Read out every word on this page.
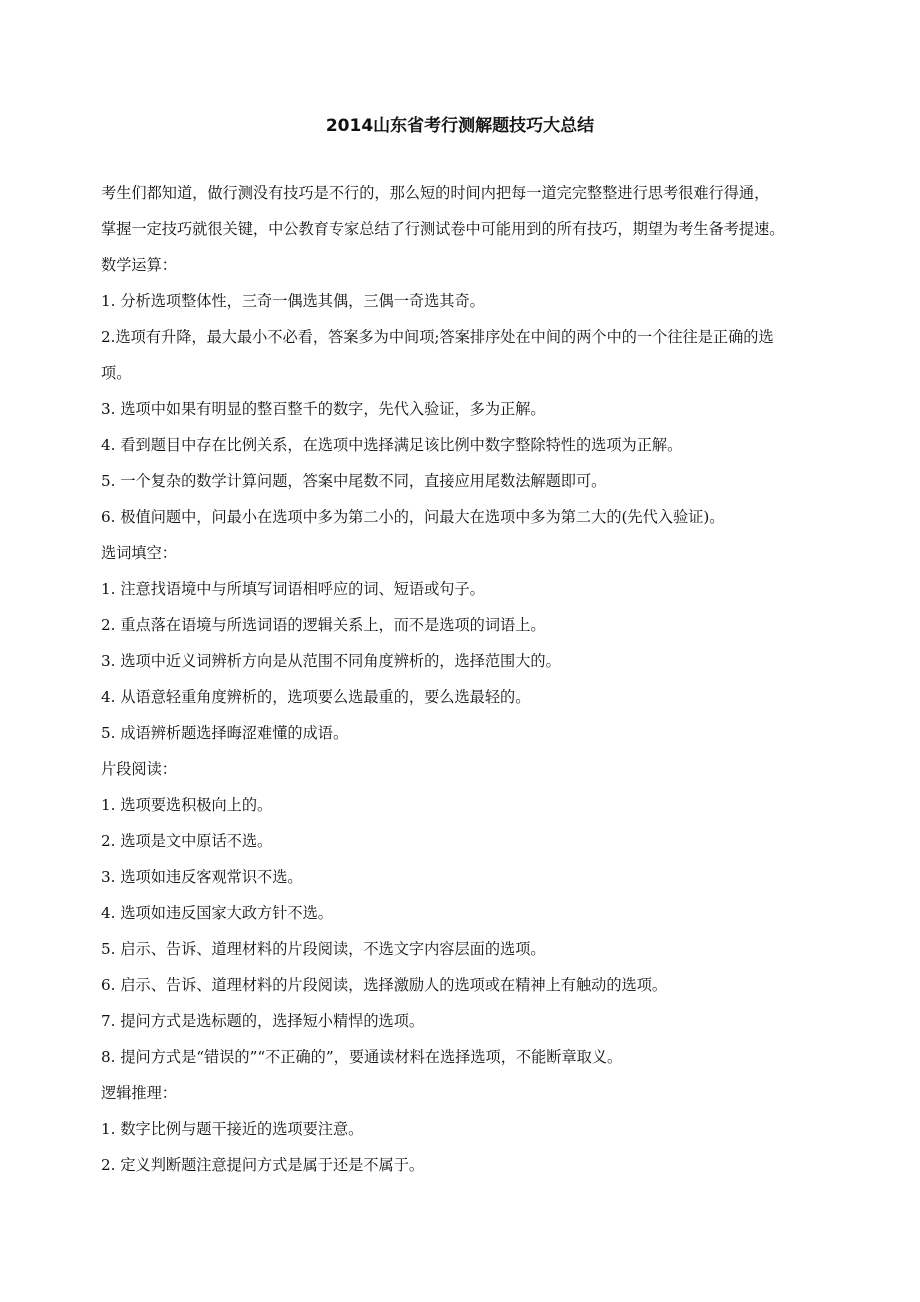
2014山东省考行测解题技巧大总结

考生们都知道，做行测没有技巧是不行的，那么短的时间内把每一道完完整整进行思考很难行得通，

掌握一定技巧就很关键，中公教育专家总结了行测试卷中可能用到的所有技巧，期望为考生备考提速。

数学运算：

1. 分析选项整体性，三奇一偶选其偶，三偶一奇选其奇。

2.选项有升降，最大最小不必看，答案多为中间项;答案排序处在中间的两个中的一个往往是正确的选

项。

3. 选项中如果有明显的整百整千的数字，先代入验证，多为正解。

4. 看到题目中存在比例关系，在选项中选择满足该比例中数字整除特性的选项为正解。

5. 一个复杂的数学计算问题，答案中尾数不同，直接应用尾数法解题即可。

6. 极值问题中，问最小在选项中多为第二小的，问最大在选项中多为第二大的(先代入验证)。

选词填空：

1. 注意找语境中与所填写词语相呼应的词、短语或句子。

2. 重点落在语境与所选词语的逻辑关系上，而不是选项的词语上。

3. 选项中近义词辨析方向是从范围不同角度辨析的，选择范围大的。

4. 从语意轻重角度辨析的，选项要么选最重的，要么选最轻的。

5. 成语辨析题选择晦涩难懂的成语。

片段阅读：

1. 选项要选积极向上的。

2. 选项是文中原话不选。

3. 选项如违反客观常识不选。

4. 选项如违反国家大政方针不选。

5. 启示、告诉、道理材料的片段阅读，不选文字内容层面的选项。

6. 启示、告诉、道理材料的片段阅读，选择激励人的选项或在精神上有触动的选项。

7. 提问方式是选标题的，选择短小精悍的选项。

8. 提问方式是“错误的”“不正确的”，要通读材料在选择选项，不能断章取义。

逻辑推理：

1. 数字比例与题干接近的选项要注意。

2. 定义判断题注意提问方式是属于还是不属于。
